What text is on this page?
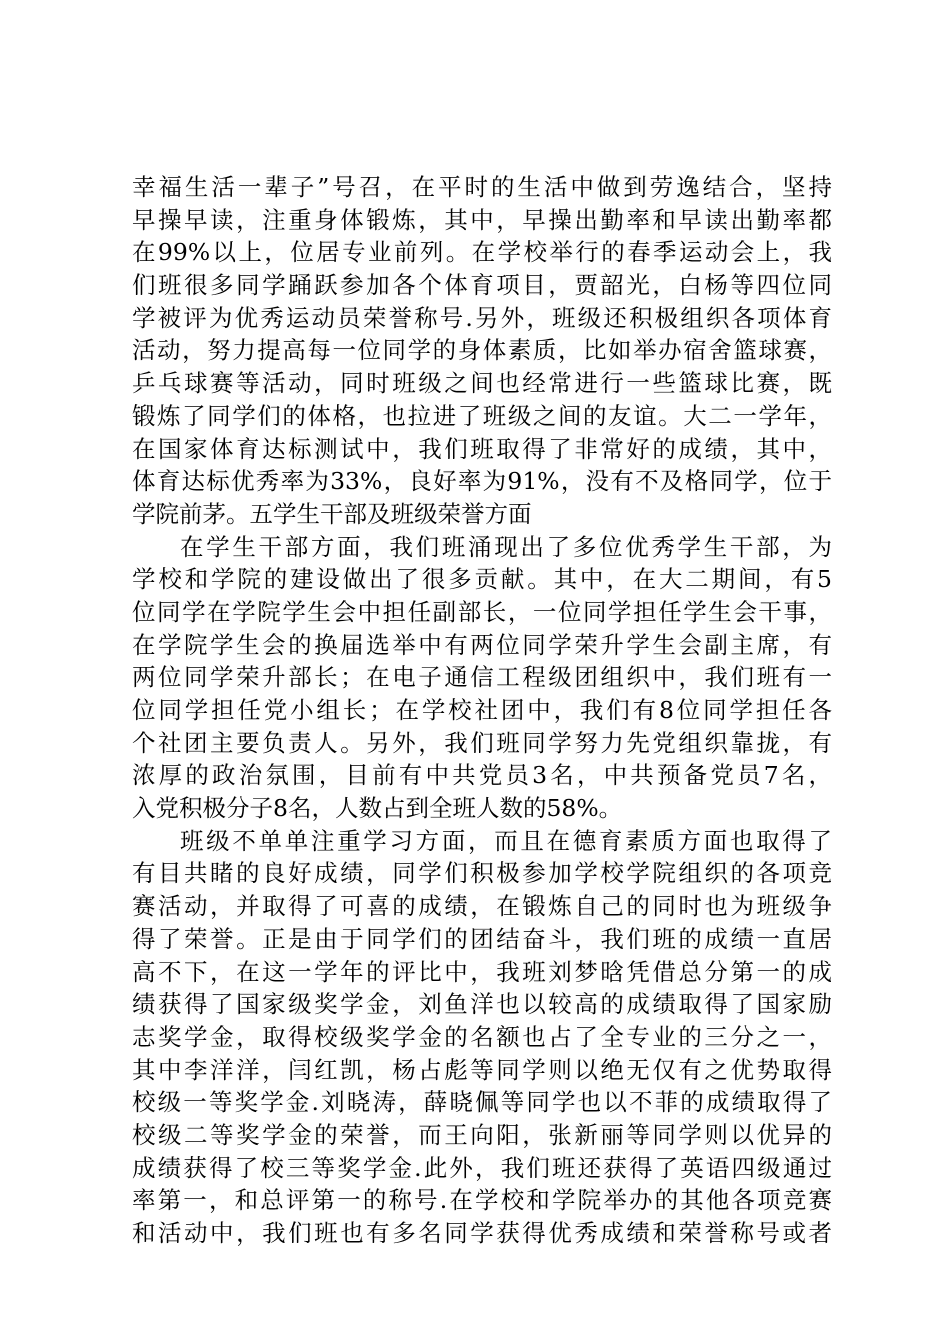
幸福生活一辈子”号召，在平时的生活中做到劳逸结合，坚持
早操早读，注重身体锻炼，其中，早操出勤率和早读出勤率都
在99%以上，位居专业前列。在学校举行的春季运动会上，我
们班很多同学踊跃参加各个体育项目，贾韶光，白杨等四位同
学被评为优秀运动员荣誉称号.另外，班级还积极组织各项体育
活动，努力提高每一位同学的身体素质，比如举办宿舍篮球赛，
乒乓球赛等活动，同时班级之间也经常进行一些篮球比赛，既
锻炼了同学们的体格，也拉进了班级之间的友谊。大二一学年，
在国家体育达标测试中，我们班取得了非常好的成绩，其中，
体育达标优秀率为33%，良好率为91%，没有不及格同学，位于
学院前茅。五学生干部及班级荣誉方面
在学生干部方面，我们班涌现出了多位优秀学生干部，为
学校和学院的建设做出了很多贡献。其中，在大二期间，有5
位同学在学院学生会中担任副部长，一位同学担任学生会干事，
在学院学生会的换届选举中有两位同学荣升学生会副主席，有
两位同学荣升部长；在电子通信工程级团组织中，我们班有一
位同学担任党小组长；在学校社团中，我们有8位同学担任各
个社团主要负责人。另外，我们班同学努力先党组织靠拢，有
浓厚的政治氛围，目前有中共党员3名，中共预备党员7名，
入党积极分子8名，人数占到全班人数的58%。
班级不单单注重学习方面，而且在德育素质方面也取得了
有目共睹的良好成绩，同学们积极参加学校学院组织的各项竞
赛活动，并取得了可喜的成绩，在锻炼自己的同时也为班级争
得了荣誉。正是由于同学们的团结奋斗，我们班的成绩一直居
高不下，在这一学年的评比中，我班刘梦晗凭借总分第一的成
绩获得了国家级奖学金，刘鱼洋也以较高的成绩取得了国家励
志奖学金，取得校级奖学金的名额也占了全专业的三分之一，
其中李洋洋，闫红凯，杨占彪等同学则以绝无仅有之优势取得
校级一等奖学金.刘晓涛，薛晓佩等同学也以不菲的成绩取得了
校级二等奖学金的荣誉，而王向阳，张新丽等同学则以优异的
成绩获得了校三等奖学金.此外，我们班还获得了英语四级通过
率第一，和总评第一的称号.在学校和学院举办的其他各项竞赛
和活动中，我们班也有多名同学获得优秀成绩和荣誉称号或者
